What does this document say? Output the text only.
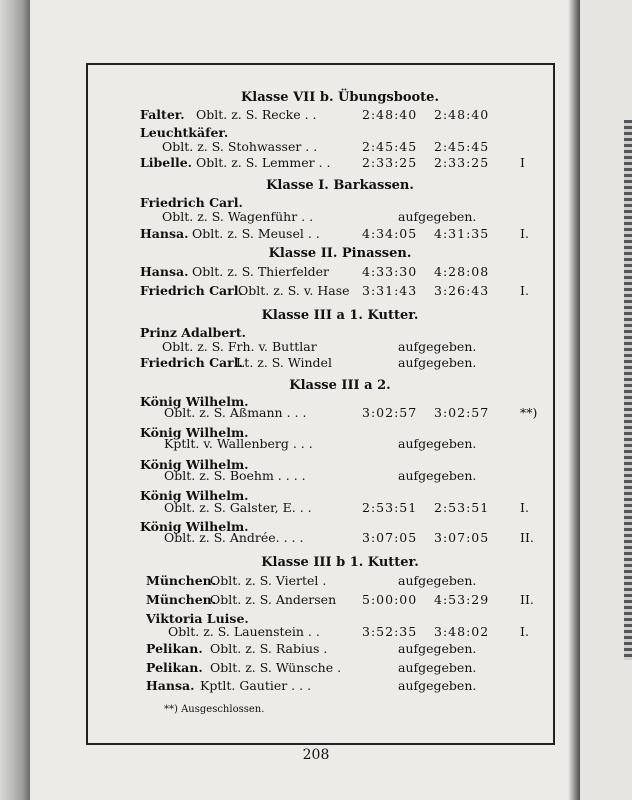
Klasse VII b. Übungsboote.
Klasse I. Barkassen.
Klasse II. Pinassen.
Klasse III a 1. Kutter.
Klasse III a 2.
Klasse III b 1. Kutter.
Falter. Oblt. z. S. Recke . .	2:48:40 2:48:40
Leuchtkäfer.
Oblt. z. S. Stohwasser . .	2:45:45 2:45:45
Libelle. Oblt. z. S. Lemmer . .	2:33:25 2:33:25 I
Friedrich Carl.
Oblt. z. S. Wagenführ . .	aufgegeben.
Hansa. Oblt. z. S. Meusel . .	4:34:05 4:31:35 I.
Hansa. Oblt. z. S. Thierfelder	4:33:30 4:28:08
Friedrich Carl.
Oblt. z. S. v. Hase 3:31:43 3:26:43 I.
Prinz Adalbert.
Oblt. z. S. Frh. v. Buttlar	aufgegeben.
Friedrich Carl.
Lt. z. S. Windel	aufgegeben.
König Wilhelm.
Oblt. z. S. Aßmann . . .	3:02:57 3:02:57 **)
König Wilhelm.
Kptlt. v. Wallenberg . . .	aufgegeben.
König Wilhelm.
Oblt. z. S. Boehm . . . .	aufgegeben.
König Wilhelm.
Oblt. z. S. Galster, E. . .	2:53:51 2:53:51 I.
König Wilhelm.
Oblt. z. S. Andrée. . . .	3:07:05 3:07:05 II.
München.
Oblt. z. S. Viertel .	aufgegeben.
München.
Oblt. z. S. Andersen 5:00:00 4:53:29 II.
Viktoria Luise.
Oblt. z. S. Lauenstein . .	3:52:35 3:48:02 I.
Pelikan. Oblt. z. S. Rabius .	aufgegeben.
Pelikan. Oblt. z. S. Wünsche .	aufgegeben.
Hansa. Kptlt. Gautier . . .	aufgegeben.
**) Ausgeschlossen.
208
